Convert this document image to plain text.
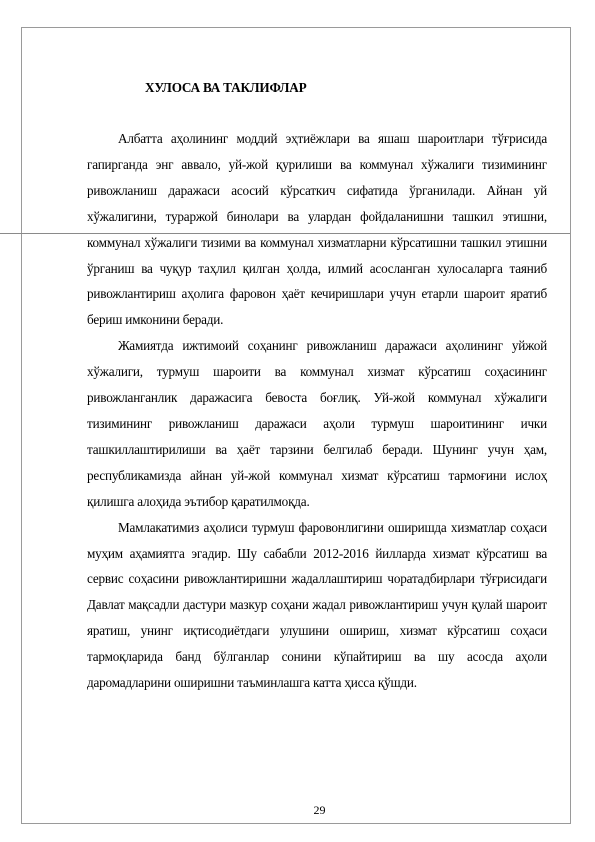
ХУЛОСА ВА ТАКЛИФЛАР

Албатта аҳолининг моддий эҳтиёжлари ва яшаш шароитлари тўғрисида гапирганда энг аввало, уй-жой қурилиши ва коммунал хўжалиги тизимининг ривожланиш даражаси асосий кўрсаткич сифатида ўрганилади. Айнан уй хўжалигини, тураржой бинолари ва улардан фойдаланишни ташкил этишни, коммунал хўжалиги тизими ва коммунал хизматларни кўрсатишни ташкил этишни ўрганиш ва чуқур таҳлил қилган ҳолда, илмий асосланган хулосаларга таяниб ривожлантириш аҳолига фаровон ҳаёт кечиришлари учун етарли шароит яратиб бериш имконини беради.

Жамиятда ижтимоий соҳанинг ривожланиш даражаси аҳолининг уйжой хўжалиги, турмуш шароити ва коммунал хизмат кўрсатиш соҳасининг ривожланганлик даражасига бевоста боғлиқ. Уй-жой коммунал хўжалиги тизимининг ривожланиш даражаси аҳоли турмуш шароитининг ички ташкиллаштирилиши ва ҳаёт тарзини белгилаб беради. Шунинг учун ҳам, республикамизда айнан уй-жой коммунал хизмат кўрсатиш тармоғини ислоҳ қилишга алоҳида эътибор қаратилмоқда.

Мамлакатимиз аҳолиси турмуш фаровонлигини оширишда хизматлар соҳаси муҳим аҳамиятга эгадир. Шу сабабли 2012-2016 йилларда хизмат кўрсатиш ва сервис соҳасини ривожлантиришни жадаллаштириш чоратадбирлари тўғрисидаги Давлат мақсадли дастури мазкур соҳани жадал ривожлантириш учун қулай шароит яратиш, унинг иқтисодиётдаги улушини ошириш, хизмат кўрсатиш соҳаси тармоқларида банд бўлганлар сонини кўпайтириш ва шу асосда аҳоли даромадларини оширишни таъминлашга катта ҳисса қўшди.

29
